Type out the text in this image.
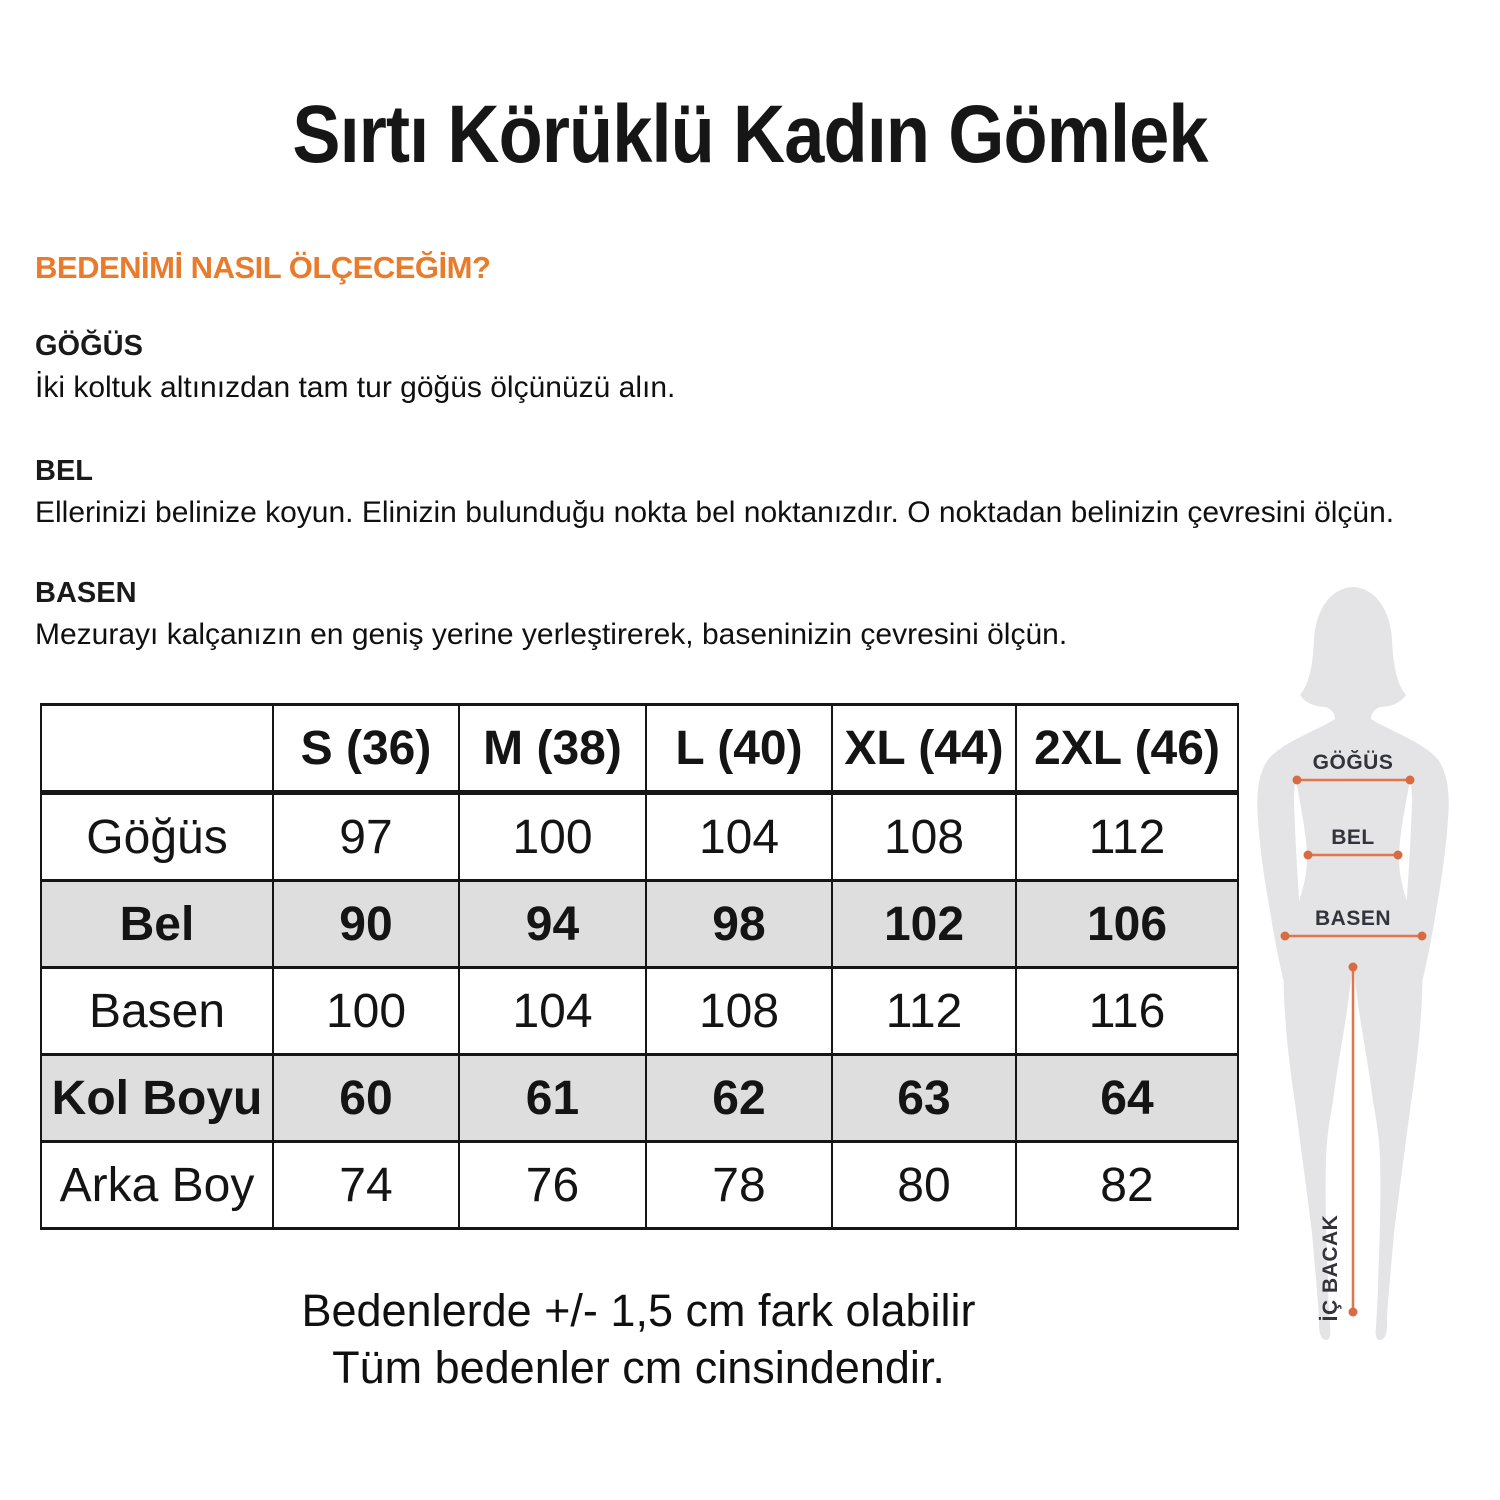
Sırtı Körüklü Kadın Gömlek
BEDENİMİ NASIL ÖLÇECEĞİM?
GÖĞÜS
İki koltuk altınızdan tam tur göğüs ölçünüzü alın.
BEL
Ellerinizi belinize koyun. Elinizin bulunduğu nokta bel noktanızdır. O noktadan belinizin çevresini ölçün.
BASEN
Mezurayı kalçanızın en geniş yerine yerleştirerek, baseninizin çevresini ölçün.
	S (36)	M (38)	L (40)	XL (44)	2XL (46)
Göğüs	97	100	104	108	112
Bel	90	94	98	102	106
Basen	100	104	108	112	116
Kol Boyu	60	61	62	63	64
Arka Boy	74	76	78	80	82
Bedenlerde +/- 1,5 cm fark olabilir
Tüm bedenler cm cinsindendir.
GÖĞÜS
BEL
BASEN
İÇ BACAK
